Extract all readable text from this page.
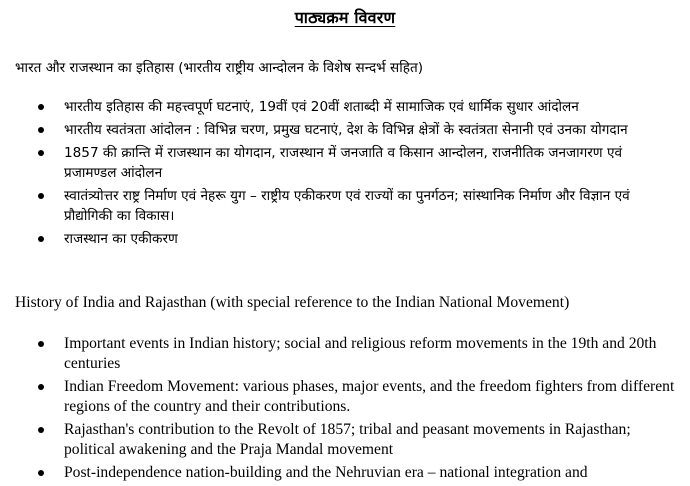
पाठ्यक्रम विवरण
भारत और राजस्थान का इतिहास (भारतीय राष्ट्रीय आन्दोलन के विशेष सन्दर्भ सहित)
भारतीय इतिहास की महत्त्वपूर्ण घटनाएं, 19वीं एवं 20वीं शताब्दी में सामाजिक एवं धार्मिक सुधार आंदोलन
भारतीय स्वतंत्रता आंदोलन : विभिन्न चरण, प्रमुख घटनाएं, देश के विभिन्न क्षेत्रों के स्वतंत्रता सेनानी एवं उनका योगदान
1857 की क्रान्ति में राजस्थान का योगदान, राजस्थान में जनजाति व किसान आन्दोलन, राजनीतिक जनजागरण एवं प्रजामण्डल आंदोलन
स्वातंत्र्योत्तर राष्ट्र निर्माण एवं नेहरू युग – राष्ट्रीय एकीकरण एवं राज्यों का पुनर्गठन; सांस्थानिक निर्माण और विज्ञान एवं प्रौद्योगिकी का विकास।
राजस्थान का एकीकरण
History of India and Rajasthan (with special reference to the Indian National Movement)
Important events in Indian history; social and religious reform movements in the 19th and 20th centuries
Indian Freedom Movement: various phases, major events, and the freedom fighters from different regions of the country and their contributions.
Rajasthan's contribution to the Revolt of 1857; tribal and peasant movements in Rajasthan; political awakening and the Praja Mandal movement
Post-independence nation-building and the Nehruvian era – national integration and
